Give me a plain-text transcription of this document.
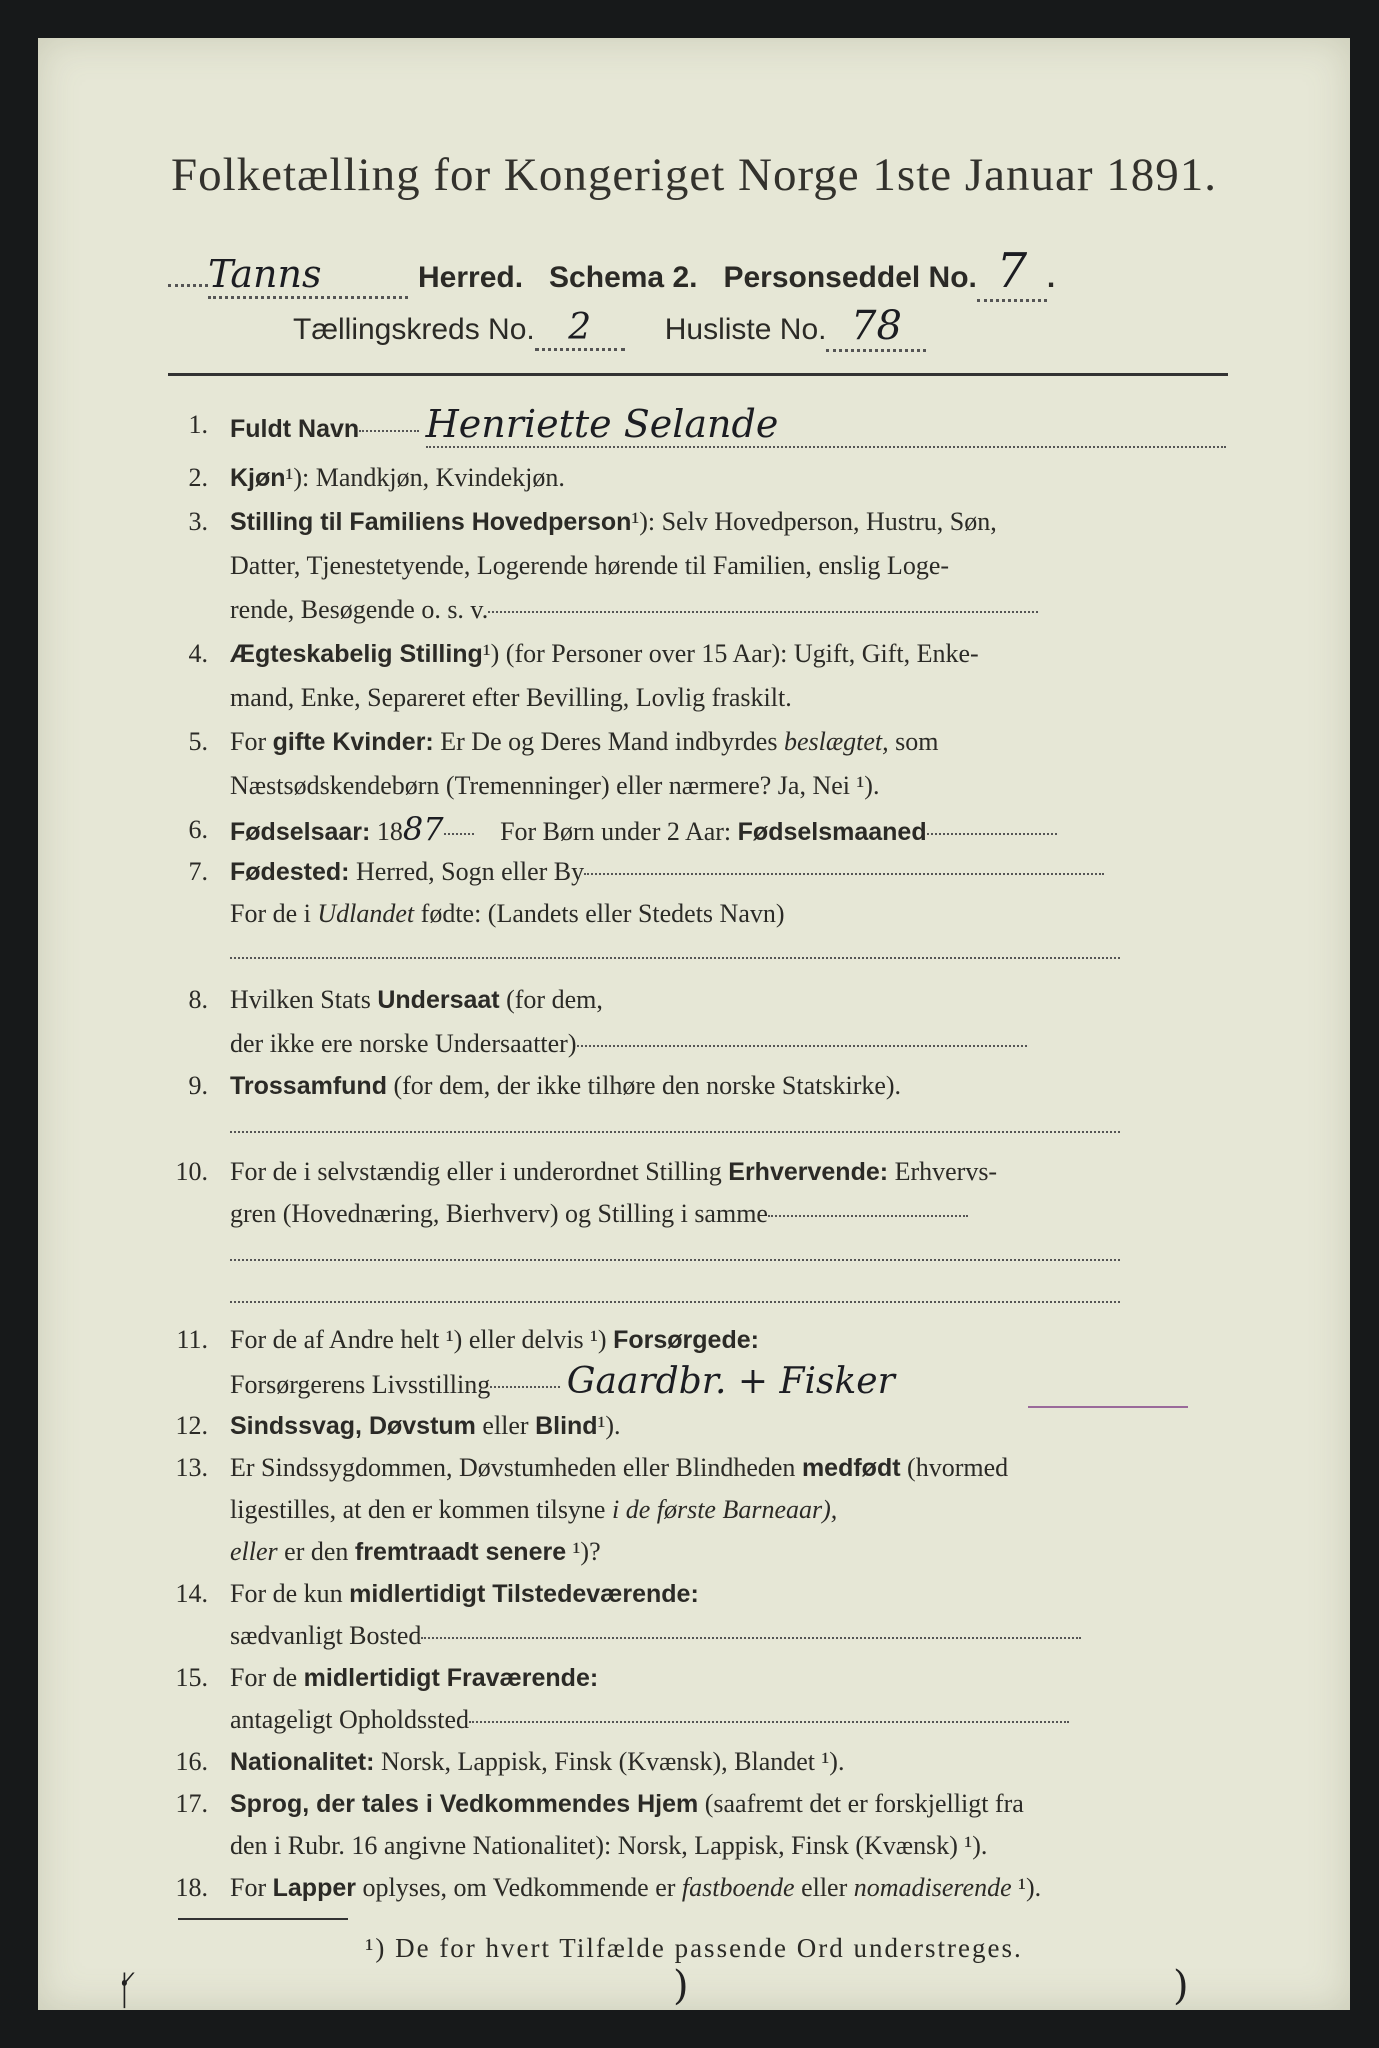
Folketælling for Kongeriget Norge 1ste Januar 1891.
Tanns	Herred. Schema 2. Personseddel No. 7 .
Tællingskreds No. 2	Husliste No. 78
1. Fuldt Navn Henriette Selande
2. Kjøn¹): Mandkjøn, Kvindekjøn.
3. Stilling til Familiens Hovedperson¹): Selv Hovedperson, Hustru, Søn,
Datter, Tjenestetyende, Logerende hørende til Familien, enslig Loge-
rende, Besøgende o. s. v.
4. Ægteskabelig Stilling¹) (for Personer over 15 Aar): Ugift, Gift, Enke-
mand, Enke, Separeret efter Bevilling, Lovlig fraskilt.
5. For gifte Kvinder: Er De og Deres Mand indbyrdes beslægtet, som
Næstsødskendebørn (Tremenninger) eller nærmere? Ja, Nei ¹).
6. Fødselsaar: 1887 For Børn under 2 Aar: Fødselsmaaned
7. Fødested: Herred, Sogn eller By
For de i Udlandet fødte: (Landets eller Stedets Navn)
8. Hvilken Stats Undersaat (for dem,
der ikke ere norske Undersaatter)
9. Trossamfund (for dem, der ikke tilhøre den norske Statskirke).
10. For de i selvstændig eller i underordnet Stilling Erhvervende: Erhvervs-
gren (Hovednæring, Bierhverv) og Stilling i samme
11. For de af Andre helt ¹) eller delvis ¹) Forsørgede:
Forsørgerens Livsstilling Gaardbr. + Fisker
12. Sindssvag, Døvstum eller Blind¹).
13. Er Sindssygdommen, Døvstumheden eller Blindheden medfødt (hvormed
ligestilles, at den er kommen tilsyne i de første Barneaar),
eller er den fremtraadt senere ¹)?
14. For de kun midlertidigt Tilstedeværende:
sædvanligt Bosted
15. For de midlertidigt Fraværende:
antageligt Opholdssted
16. Nationalitet: Norsk, Lappisk, Finsk (Kvænsk), Blandet ¹).
17. Sprog, der tales i Vedkommendes Hjem (saafremt det er forskjelligt fra
den i Rubr. 16 angivne Nationalitet): Norsk, Lappisk, Finsk (Kvænsk) ¹).
18. For Lapper oplyses, om Vedkommende er fastboende eller nomadiserende ¹).
¹) De for hvert Tilfælde passende Ord understreges.
ᚶ	)	)
